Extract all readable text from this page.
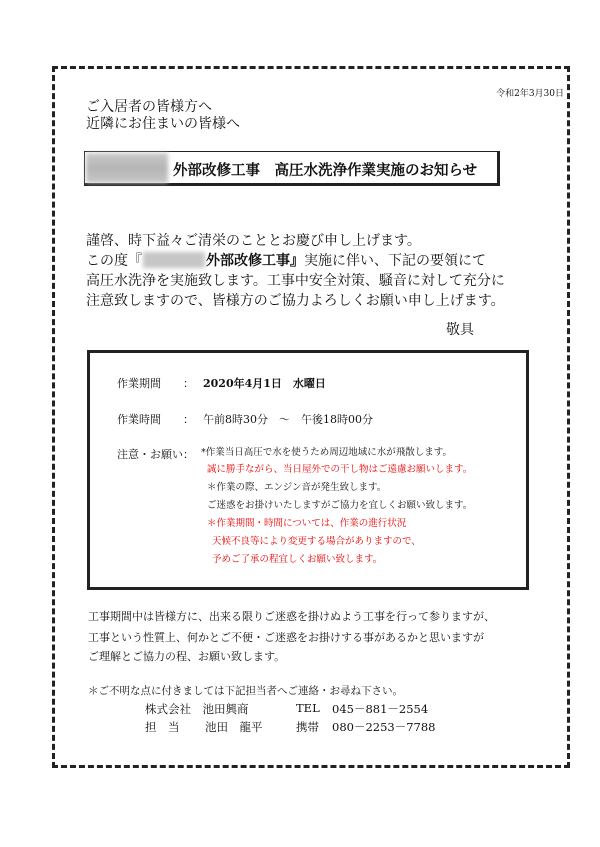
令和2年3月30日
ご入居者の皆様方へ
近隣にお住まいの皆様へ
外部改修工事　高圧水洗浄作業実施のお知らせ
謹啓、時下益々ご清栄のこととお慶び申し上げます。
この度『	外部改修工事』実施に伴い、下記の要領にて
高圧水洗浄を実施致します。工事中安全対策、騒音に対して充分に
注意致しますので、皆様方のご協力よろしくお願い申し上げます。
敬具
作業期間 ： 2020年4月1日　水曜日
作業時間 ： 午前8時30分　～　午後18時00分
注意・お願い： *作業当日高圧で水を使うため周辺地域に水が飛散します。
誠に勝手ながら、当日屋外での干し物はご遠慮お願いします。
＊作業の際、エンジン音が発生致します。
ご迷惑をお掛けいたしますがご協力を宜しくお願い致します。
＊作業期間・時間については、作業の進行状況
天候不良等により変更する場合がありますので、
予めご了承の程宜しくお願い致します。
工事期間中は皆様方に、出来る限りご迷惑を掛けぬよう工事を行って参りますが、
工事という性質上、何かとご不便・ご迷惑をお掛けする事があるかと思いますが
ご理解とご協力の程、お願い致します。
＊ご不明な点に付きましては下記担当者へご連絡・お尋ね下さい。
株式会社　池田興商	TEL 045－881－2554
担　当 池田　龍平	携帯 080－2253－7788
